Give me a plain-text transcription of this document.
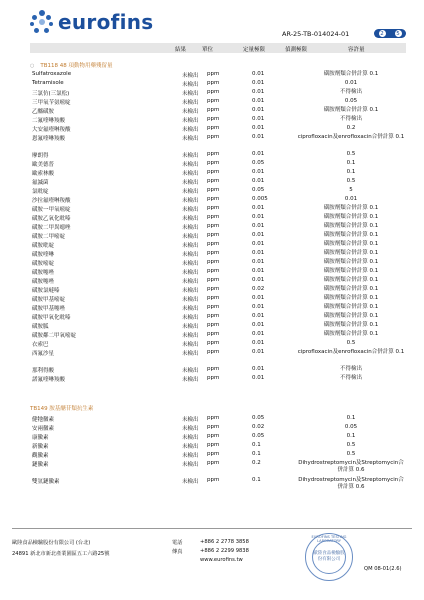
eurofins	AR-25-TB-014024-01	2	5
結果	單位	定量極限	偵測極限	容許量
○ TB118 48 項動物用藥殘留量
Sulfatroxazole	未檢出 ppm	0.01	磺胺劑類合併計算 0.1
Tetramisole	未檢出 ppm	0.01	0.01
三氯仿(三氯松)	未檢出 ppm	0.01	不得檢出
三甲氧苄氨嘧啶	未檢出 ppm	0.01	0.05
乙醯磺胺	未檢出 ppm	0.01	磺胺劑類合併計算 0.1
二氟喹啉羧酸	未檢出 ppm	0.01	不得檢出
大安氟喹啉羧酸	未檢出 ppm	0.01	0.2
恩氟喹啉羧酸	未檢出 ppm	0.01	ciprofloxacin及enrofloxacin合併計算 0.1
摩朗得	未檢出 ppm	0.01	0.5
歐美德普	未檢出 ppm	0.05	0.1
歐索林酸	未檢出 ppm	0.01	0.1
氟滅菌	未檢出 ppm	0.01	0.5
氯吡啶	未檢出 ppm	0.05	5
沙拉氟喹啉羧酸	未檢出 ppm	0.005	0.01
磺胺一甲氧嘧啶	未檢出 ppm	0.01	磺胺劑類合併計算 0.1
磺胺乙氧化吡嗪	未檢出 ppm	0.01	磺胺劑類合併計算 0.1
磺胺二甲異噁唑	未檢出 ppm	0.01	磺胺劑類合併計算 0.1
磺胺二甲嘧啶	未檢出 ppm	0.01	磺胺劑類合併計算 0.1
磺胺吡啶	未檢出 ppm	0.01	磺胺劑類合併計算 0.1
磺胺喹啉	未檢出 ppm	0.01	磺胺劑類合併計算 0.1
磺胺嘧啶	未檢出 ppm	0.01	磺胺劑類合併計算 0.1
磺胺噻唑	未檢出 ppm	0.01	磺胺劑類合併計算 0.1
磺胺噻唑	未檢出 ppm	0.01	磺胺劑類合併計算 0.1
磺胺氯噠嗪	未檢出 ppm	0.02	磺胺劑類合併計算 0.1
磺胺甲基嘧啶	未檢出 ppm	0.01	磺胺劑類合併計算 0.1
磺胺甲基噻唑	未檢出 ppm	0.01	磺胺劑類合併計算 0.1
磺胺甲氧化吡嗪	未檢出 ppm	0.01	磺胺劑類合併計算 0.1
磺胺胍	未檢出 ppm	0.01	磺胺劑類合併計算 0.1
磺胺鄰二甲氧嘧啶	未檢出 ppm	0.01	磺胺劑類合併計算 0.1
衣索巴	未檢出 ppm	0.01	0.5
西氟沙星	未檢出 ppm	0.01	ciprofloxacin及enrofloxacin合併計算 0.1
那利得酸	未檢出 ppm	0.01	不得檢出
諾氟喹啉羧酸	未檢出 ppm	0.01	不得檢出
TB149 胺基醣苷類抗生素
健牠黴素	未檢出 ppm	0.05	0.1
安兩黴素	未檢出 ppm	0.02	0.05
康黴素	未檢出 ppm	0.05	0.1
新黴素	未檢出 ppm	0.1	0.5
觀黴素	未檢出 ppm	0.1	0.5
鏈黴素	未檢出 ppm	0.2	Dihydrostreptomycin及Streptomycin合併計算 0.6
雙氫鏈黴素	未檢出 ppm	0.1	Dihydrostreptomycin及Streptomycin合併計算 0.6
歐陸食品檢驗股份有限公司 (台北)
24891 新北市新北產業園區五工六路25號
電話	+886 2 2778 3858
傳真	+886 2 2299 9838
www.eurofins.tw
EUROFINS TESTING LABORATORY
歐陸食品檢驗股份有限公司
QM 08-01(2.6)
